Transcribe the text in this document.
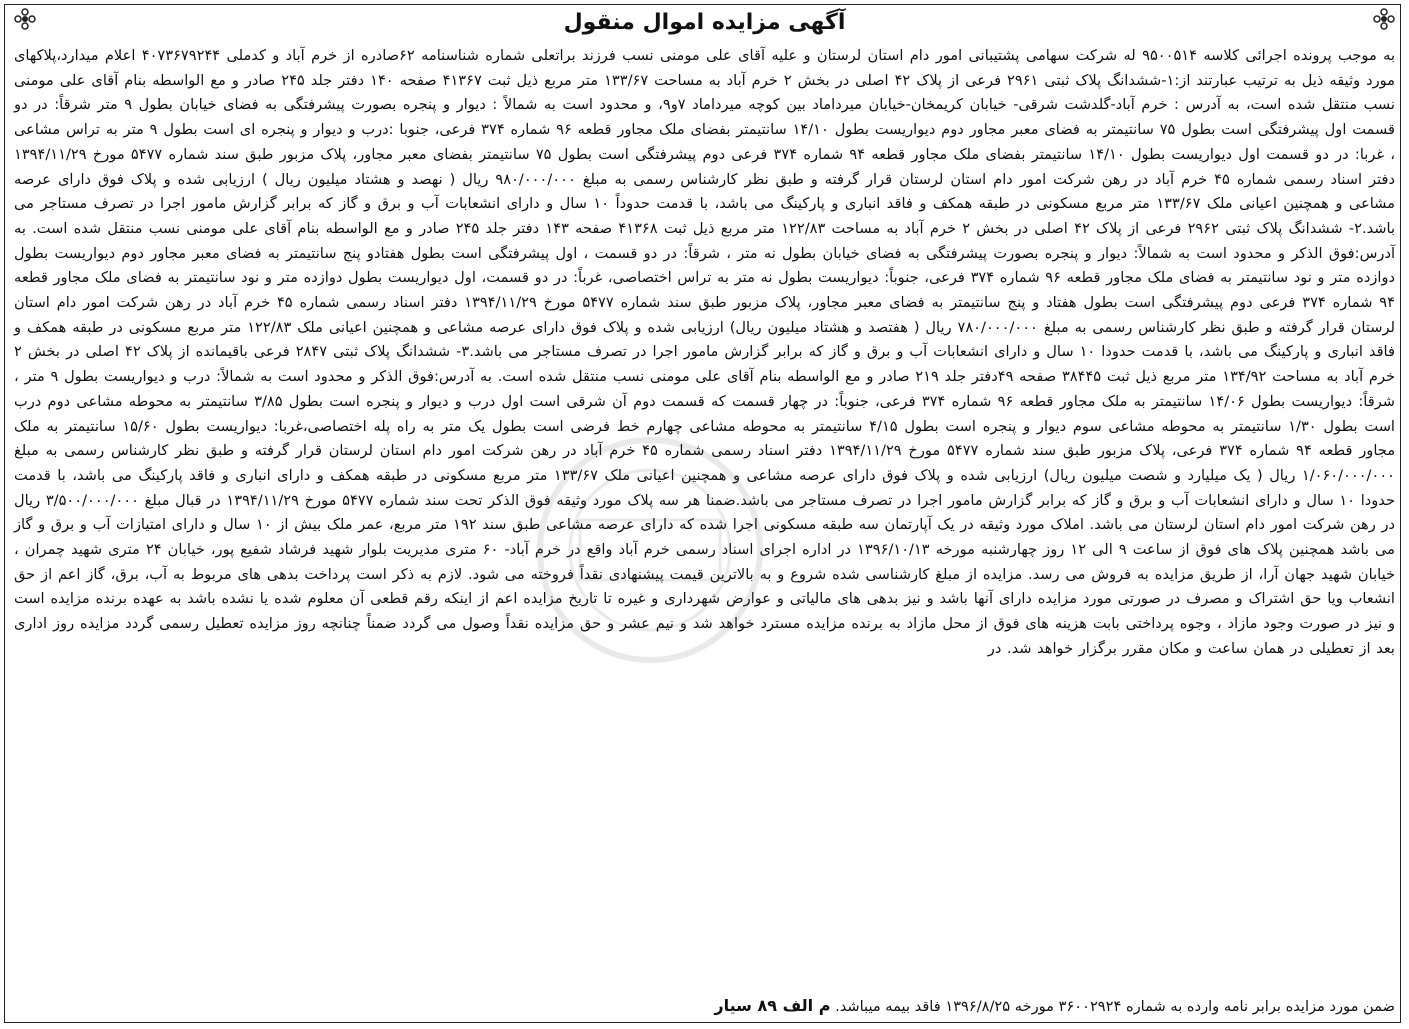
آگهی مزایده اموال منقول

به موجب پرونده اجرائی کلاسه ۹۵۰۰۵۱۴ له شرکت سهامی پشتیبانی امور دام استان لرستان و علیه آقای علی مومنی نسب فرزند براتعلی شماره شناسنامه ۶۲صادره از خرم آباد و کدملی ۴۰۷۳۶۷۹۲۴۴ اعلام میدارد،پلاکهای مورد وثیقه ذیل به ترتیب عبارتند از:۱-ششدانگ پلاک ثبتی ۲۹۶۱ فرعی از پلاک ۴۲ اصلی در بخش ۲ خرم آباد به مساحت ۱۳۳/۶۷ متر مربع ذیل ثبت ۴۱۳۶۷ صفحه ۱۴۰ دفتر جلد ۲۴۵ صادر و مع الواسطه بنام آقای علی مومنی نسب منتقل شده است، به آدرس : خرم آباد-گلدشت شرقی- خیابان کریمخان-خیابان میرداماد بین کوچه میرداماد ۷و۹، و محدود است به شمالاً : دیوار و پنجره بصورت پیشرفتگی به فضای خیابان بطول ۹ متر شرقاً: در دو قسمت اول پیشرفتگی است بطول ۷۵ سانتیمتر به فضای معبر مجاور دوم دیواریست بطول ۱۴/۱۰ سانتیمتر بفضای ملک مجاور قطعه ۹۶ شماره ۳۷۴ فرعی، جنوبا :درب و دیوار و پنجره ای است بطول ۹ متر به تراس مشاعی ، غربا: در دو قسمت اول دیواریست بطول ۱۴/۱۰ سانتیمتر بفضای ملک مجاور قطعه ۹۴ شماره ۳۷۴ فرعی دوم پیشرفتگی است بطول ۷۵ سانتیمتر بفضای معبر مجاور، پلاک مزبور طبق سند شماره ۵۴۷۷ مورخ ۱۳۹۴/۱۱/۲۹ دفتر اسناد رسمی شماره ۴۵ خرم آباد در رهن شرکت امور دام استان لرستان قرار گرفته و طبق نظر کارشناس رسمی به مبلغ ۹۸۰/۰۰۰/۰۰۰ ریال ( نهصد و هشتاد میلیون ریال ) ارزیابی شده و پلاک فوق دارای عرصه مشاعی و همچنین اعیانی ملک ۱۳۳/۶۷ متر مربع مسکونی در طبقه همکف و فاقد انباری و پارکینگ می باشد، با قدمت حدوداً ۱۰ سال و دارای انشعابات آب و برق و گاز که برابر گزارش مامور اجرا در تصرف مستاجر می باشد.۲- ششدانگ پلاک ثبتی ۲۹۶۲ فرعی از پلاک ۴۲ اصلی در بخش ۲ خرم آباد به مساحت ۱۲۲/۸۳ متر مربع ذیل ثبت ۴۱۳۶۸ صفحه ۱۴۳ دفتر جلد ۲۴۵ صادر و مع الواسطه بنام آقای علی مومنی نسب منتقل شده است. به آدرس:فوق الذکر و محدود است به شمالاً: دیوار و پنجره بصورت پیشرفتگی به فضای خیابان بطول نه متر ، شرقاً: در دو قسمت ، اول پیشرفتگی است بطول هفتادو پنج سانتیمتر به فضای معبر مجاور دوم دیواریست بطول دوازده متر و نود سانتیمتر به فضای ملک مجاور قطعه ۹۶ شماره ۳۷۴ فرعی، جنوباً: دیواریست بطول نه متر به تراس اختصاصی، غرباً: در دو قسمت، اول دیواریست بطول دوازده متر و نود سانتیمتر به فضای ملک مجاور قطعه ۹۴ شماره ۳۷۴ فرعی دوم پیشرفتگی است بطول هفتاد و پنج سانتیمتر به فضای معبر مجاور، پلاک مزبور طبق سند شماره ۵۴۷۷ مورخ ۱۳۹۴/۱۱/۲۹ دفتر اسناد رسمی شماره ۴۵ خرم آباد در رهن شرکت امور دام استان لرستان قرار گرفته و طبق نظر کارشناس رسمی به مبلغ ۷۸۰/۰۰۰/۰۰۰ ریال ( هفتصد و هشتاد میلیون ریال) ارزیابی شده و پلاک فوق دارای عرصه مشاعی و همچنین اعیانی ملک ۱۲۲/۸۳ متر مربع مسکونی در طبقه همکف و فاقد انباری و پارکینگ می باشد، با قدمت حدودا ۱۰ سال و دارای انشعابات آب و برق و گاز که برابر گزارش مامور اجرا در تصرف مستاجر می باشد.۳- ششدانگ پلاک ثبتی ۲۸۴۷ فرعی باقیمانده از پلاک ۴۲ اصلی در بخش ۲ خرم آباد به مساحت ۱۳۴/۹۲ متر مربع ذیل ثبت ۳۸۴۴۵ صفحه ۴۹دفتر جلد ۲۱۹ صادر و مع الواسطه بنام آقای علی مومنی نسب منتقل شده است. به آدرس:فوق الذکر و محدود است به شمالاً: درب و دیواریست بطول ۹ متر ، شرقاً: دیواریست بطول ۱۴/۰۶ سانتیمتر به ملک مجاور قطعه ۹۶ شماره ۳۷۴ فرعی، جنوباً: در چهار قسمت که قسمت دوم آن شرقی است اول درب و دیوار و پنجره است بطول ۳/۸۵ سانتیمتر به محوطه مشاعی دوم درب است بطول ۱/۳۰ سانتیمتر به محوطه مشاعی سوم دیوار و پنجره است بطول ۴/۱۵ سانتیمتر به محوطه مشاعی چهارم خط فرضی است بطول یک متر به راه پله اختصاصی،غربا: دیواریست بطول ۱۵/۶۰ سانتیمتر به ملک مجاور قطعه ۹۴ شماره ۳۷۴ فرعی، پلاک مزبور طبق سند شماره ۵۴۷۷ مورخ ۱۳۹۴/۱۱/۲۹ دفتر اسناد رسمی شماره ۴۵ خرم آباد در رهن شرکت امور دام استان لرستان قرار گرفته و طبق نظر کارشناس رسمی به مبلغ ۱/۰۶۰/۰۰۰/۰۰۰ ریال ( یک میلیارد و شصت میلیون ریال) ارزیابی شده و پلاک فوق دارای عرصه مشاعی و همچنین اعیانی ملک ۱۳۳/۶۷ متر مربع مسکونی در طبقه همکف و دارای انباری و فاقد پارکینگ می باشد، با قدمت حدودا ۱۰ سال و دارای انشعابات آب و برق و گاز که برابر گزارش مامور اجرا در تصرف مستاجر می باشد.ضمنا هر سه پلاک مورد وثیقه فوق الذکر تحت سند شماره ۵۴۷۷ مورخ ۱۳۹۴/۱۱/۲۹ در قبال مبلغ ۳/۵۰۰/۰۰۰/۰۰۰ ریال در رهن شرکت امور دام استان لرستان می باشد. املاک مورد وثیقه در یک آپارتمان سه طبقه مسکونی اجرا شده که دارای عرصه مشاعی طبق سند ۱۹۲ متر مربع، عمر ملک بیش از ۱۰ سال و دارای امتیازات آب و برق و گاز می باشد همچنین پلاک های فوق از ساعت ۹ الی ۱۲ روز چهارشنبه مورخه ۱۳۹۶/۱۰/۱۳ در اداره اجرای اسناد رسمی خرم آباد واقع در خرم آباد- ۶۰ متری مدیریت بلوار شهید فرشاد شفیع پور، خیابان ۲۴ متری شهید چمران ، خیابان شهید جهان آرا، از طریق مزایده به فروش می رسد. مزایده از مبلغ کارشناسی شده شروع و به بالاترین قیمت پیشنهادی نقداً فروخته می شود. لازم به ذکر است پرداخت بدهی های مربوط به آب، برق، گاز اعم از حق انشعاب ویا حق اشتراک و مصرف در صورتی مورد مزایده دارای آنها باشد و نیز بدهی های مالیاتی و عوارض شهرداری و غیره تا تاریخ مزایده اعم از اینکه رقم قطعی آن معلوم شده یا نشده باشد به عهده برنده مزایده است و نیز در صورت وجود مازاد ، وجوه پرداختی بابت هزینه های فوق از محل مازاد به برنده مزایده مسترد خواهد شد و نیم عشر و حق مزایده نقداً وصول می گردد ضمناً چنانچه روز مزایده تعطیل رسمی گردد مزایده روز اداری بعد از تعطیلی در همان ساعت و مکان مقرر برگزار خواهد شد. در

ضمن مورد مزایده برابر نامه وارده به شماره ۳۶۰۰۲۹۲۴ مورخه ۱۳۹۶/۸/۲۵ فاقد بیمه میباشد. م الف ۸۹ سیار
